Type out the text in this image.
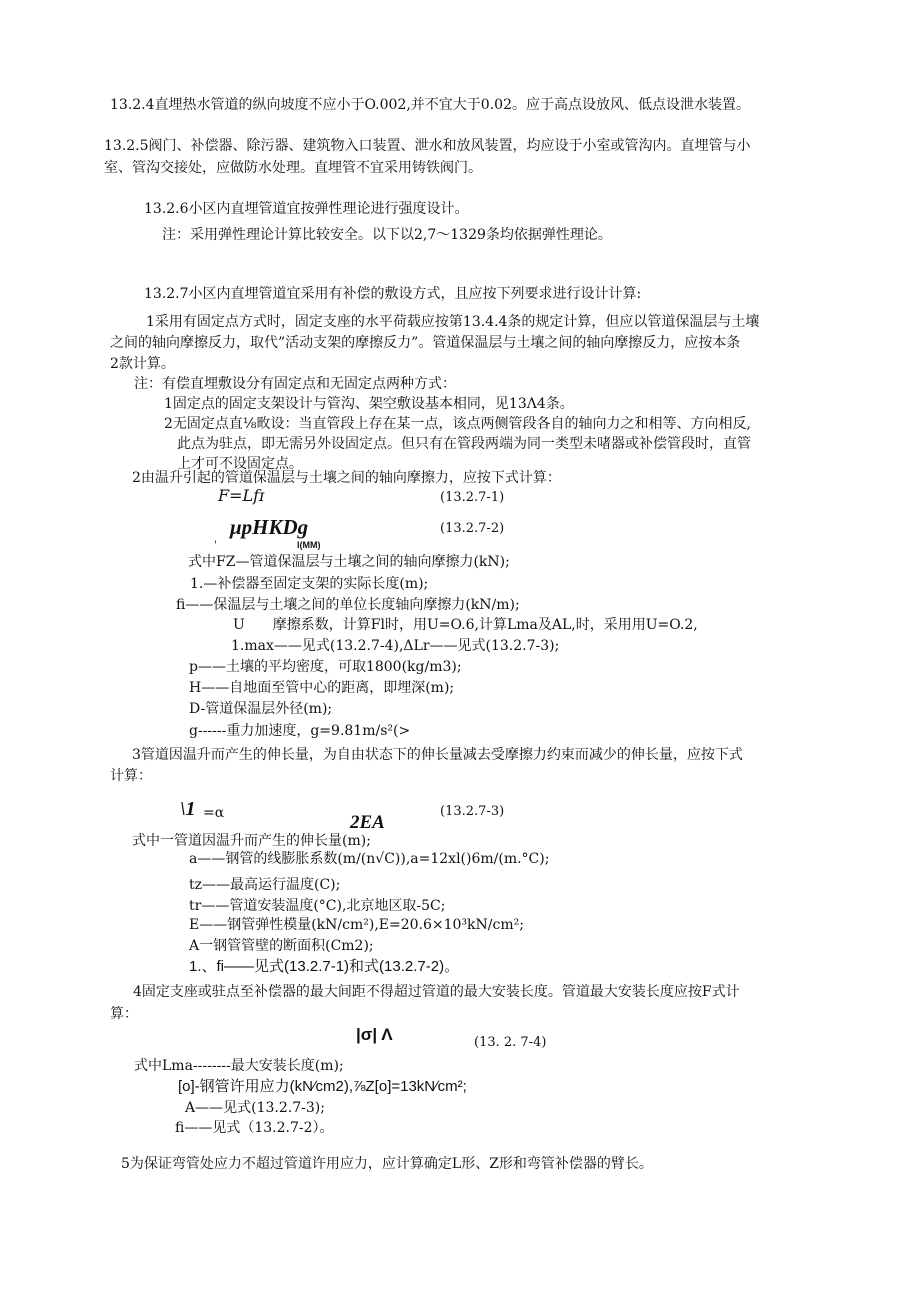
13.2.4直埋热水管道的纵向坡度不应小于O.002,并不宜大于0.02。应于高点设放风、低点设泄水装置。
13.2.5阀门、补偿器、除污器、建筑物入口装置、泄水和放风装置，均应设于小室或管沟内。直埋管与小
室、管沟交接处，应做防水处理。直埋管不宜采用铸铁阀门。
13.2.6小区内直埋管道宜按弹性理论进行强度设计。
注：采用弹性理论计算比较安全。以下以2,7～1329条均依据弹性理论。
13.2.7小区内直埋管道宜采用有补偿的敷设方式，且应按下列要求进行设计计算:
1采用有固定点方式时，固定支座的水平荷载应按第13.4.4条的规定计算，但应以管道保温层与土壤
之间的轴向摩擦反力，取代”活动支架的摩擦反力”。管道保温层与土壤之间的轴向摩擦反力，应按本条
2款计算。
注：有偿直埋敷设分有固定点和无固定点两种方式：
1固定点的固定支架设计与管沟、架空敷设基本相同，见13Λ4条。
2无固定点直⅛畋设：当直管段上存在某一点，该点两侧管段各自的轴向力之和相等、方向相反,
此点为驻点，即无需另外设固定点。但只有在管段两端为同一类型未啫器或补偿管段时，直管
上才可不设固定点。
2由温升引起的管道保温层与土壤之间的轴向摩擦力，应按下式计算：
F=Lfɪ	(13.2.7-1)
μpHKDg
'	I(MM)
(13.2.7-2)
式中FZ—管道保温层与土壤之间的轴向摩擦力(kN);
1.—补偿器至固定支架的实际长度(m);
fi——保温层与土壤之间的单位长度轴向摩擦力(kN∕m);
U　　摩擦系数，计算Fl时，用U=O.6,计算Lma及AL,时，采用用U=O.2,
1.max——见式(13.2.7-4),ΔLr——见式(13.2.7-3);
p——土壤的平均密度，可取1800(kg∕m3);
H——自地面至管中心的距离，即埋深(m);
D-管道保温层外径(m);
g------重力加速度，g=9.81m∕s²(>
3管道因温升而产生的伸长量，为自由状态下的伸长量减去受摩擦力约束而减少的伸长量，应按下式
计算：
\1 =α	(13.2.7-3)
2EA
式中一管道因温升而产生的伸长量(m);
a——钢管的线膨胀系数(m∕(n√C)),a=12xl()6m∕(m.°C);
tz——最高运行温度(C);
tr——管道安装温度(°C),北京地区取-5C;
E——钢管弹性模量(kN∕cm²),E=20.6×10³kN∕cm²;
A一钢管管壁的断面积(Cm2);
1.、fi——见式(13.2.7-1)和式(13.2.7-2)。
4固定支座或驻点至补偿器的最大间距不得超过管道的最大安装长度。管道最大安装长度应按F式计
算：
|σ| Λ	(13. 2. 7-4)
式中Lma--------最大安装长度(m);
[o]-钢管许用应力(kN∕cm2),⅞Z[o]=13kN∕cm²;
A——见式(13.2.7-3);
fi——见式（13.2.7-2）。
5为保证弯管处应力不超过管道许用应力，应计算确定L形、Z形和弯管补偿器的臂长。
